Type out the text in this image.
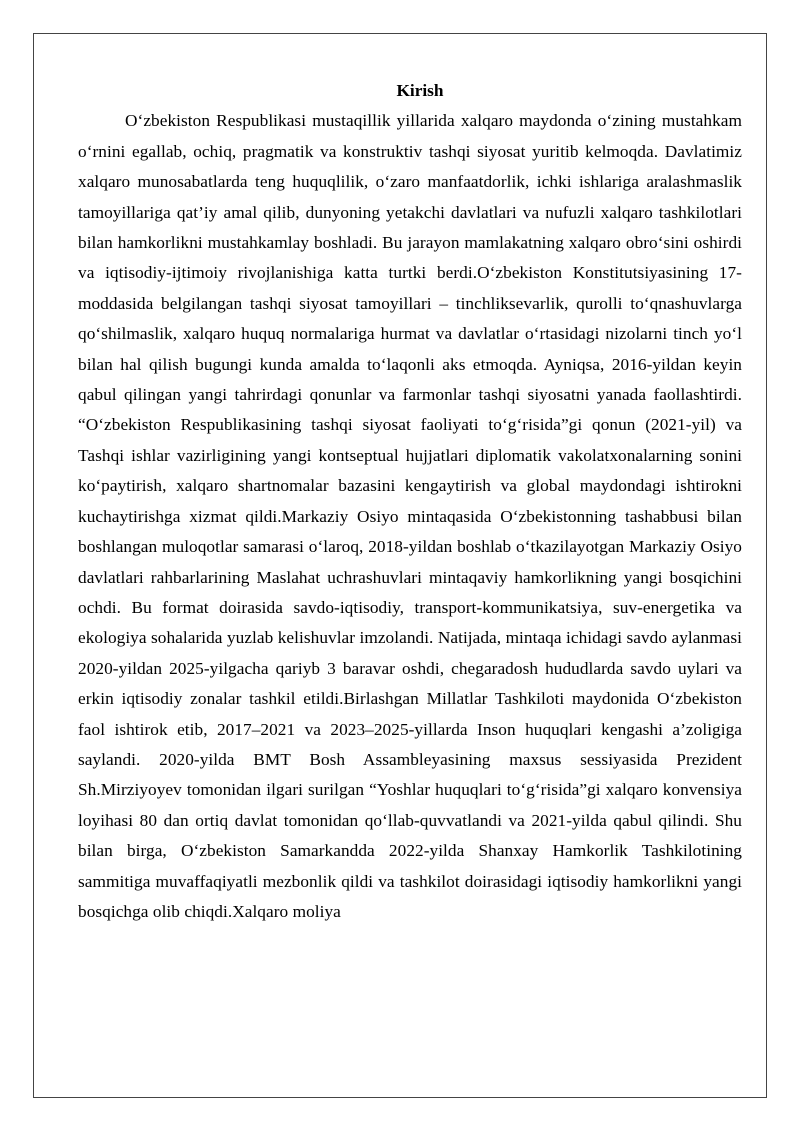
Kirish

O‘zbekiston Respublikasi mustaqillik yillarida xalqaro maydonda o‘zining mustahkam o‘rnini egallab, ochiq, pragmatik va konstruktiv tashqi siyosat yuritib kelmoqda. Davlatimiz xalqaro munosabatlarda teng huquqlilik, o‘zaro manfaatdorlik, ichki ishlariga aralashmaslik tamoyillariga qat’iy amal qilib, dunyoning yetakchi davlatlari va nufuzli xalqaro tashkilotlari bilan hamkorlikni mustahkamlay boshladi. Bu jarayon mamlakatning xalqaro obro‘sini oshirdi va iqtisodiy-ijtimoiy rivojlanishiga katta turtki berdi.O‘zbekiston Konstitutsiyasining 17-moddasida belgilangan tashqi siyosat tamoyillari – tinchliksevarlik, qurolli to‘qnashuvlarga qo‘shilmaslik, xalqaro huquq normalariga hurmat va davlatlar o‘rtasidagi nizolarni tinch yo‘l bilan hal qilish bugungi kunda amalda to‘laqonli aks etmoqda. Ayniqsa, 2016-yildan keyin qabul qilingan yangi tahrirdagi qonunlar va farmonlar tashqi siyosatni yanada faollashtirdi. “O‘zbekiston Respublikasining tashqi siyosat faoliyati to‘g‘risida”gi qonun (2021-yil) va Tashqi ishlar vazirligining yangi kontseptual hujjatlari diplomatik vakolatxonalarning sonini ko‘paytirish, xalqaro shartnomalar bazasini kengaytirish va global maydondagi ishtirokni kuchaytirishga xizmat qildi.Markaziy Osiyo mintaqasida O‘zbekistonning tashabbusi bilan boshlangan muloqotlar samarasi o‘laroq, 2018-yildan boshlab o‘tkazilayotgan Markaziy Osiyo davlatlari rahbarlarining Maslahat uchrashuvlari mintaqaviy hamkorlikning yangi bosqichini ochdi. Bu format doirasida savdo-iqtisodiy, transport-kommunikatsiya, suv-energetika va ekologiya sohalarida yuzlab kelishuvlar imzolandi. Natijada, mintaqa ichidagi savdo aylanmasi 2020-yildan 2025-yilgacha qariyb 3 baravar oshdi, chegaradosh hududlarda savdo uylari va erkin iqtisodiy zonalar tashkil etildi.Birlashgan Millatlar Tashkiloti maydonida O‘zbekiston faol ishtirok etib, 2017–2021 va 2023–2025-yillarda Inson huquqlari kengashi a’zoligiga saylandi. 2020-yilda BMT Bosh Assambleyasining maxsus sessiyasida Prezident Sh.Mirziyoyev tomonidan ilgari surilgan “Yoshlar huquqlari to‘g‘risida”gi xalqaro konvensiya loyihasi 80 dan ortiq davlat tomonidan qo‘llab-quvvatlandi va 2021-yilda qabul qilindi. Shu bilan birga, O‘zbekiston Samarkandda 2022-yilda Shanxay Hamkorlik Tashkilotining sammitiga muvaffaqiyatli mezbonlik qildi va tashkilot doirasidagi iqtisodiy hamkorlikni yangi bosqichga olib chiqdi.Xalqaro moliya
